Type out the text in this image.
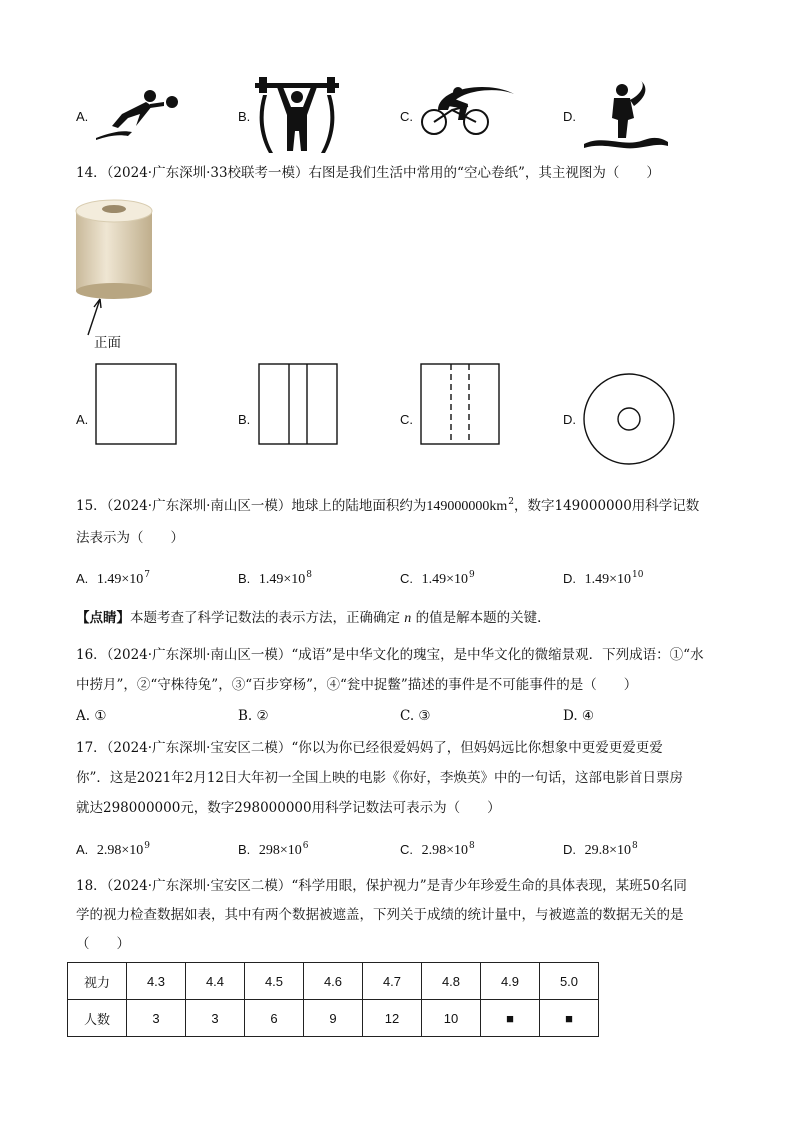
A.	B.	C.	D.
14．（2024·广东深圳·33校联考一模）右图是我们生活中常用的“空心卷纸”，其主视图为（　　）
正面
A.	B.	C.	D.
15．（2024·广东深圳·南山区一模）地球上的陆地面积约为$149000000km^2$，数字149000000用科学记数
法表示为（　　）
A. $1.49\times 10^7$	B. $1.49\times 10^8$	C. $1.49\times 10^9$	D. $1.49\times 10^{10}$
【点睛】本题考查了科学记数法的表示方法，正确确定 n 的值是解本题的关键．
16．（2024·广东深圳·南山区一模）“成语”是中华文化的瑰宝，是中华文化的微缩景观．下列成语：①“水
中捞月”，②“守株待兔”，③“百步穿杨”，④“瓮中捉鳖”描述的事件是不可能事件的是（　　）
A. ①	B. ②	C. ③	D. ④
17．（2024·广东深圳·宝安区二模）“你以为你已经很爱妈妈了，但妈妈远比你想象中更爱更爱更爱
你”．这是2021年2月12日大年初一全国上映的电影《你好，李焕英》中的一句话，这部电影首日票房
就达298000000元，数字298000000用科学记数法可表示为（　　）
A. $2.98\times 10^9$	B. $298\times 10^6$	C. $2.98\times 10^8$	D. $29.8\times 10^8$
18．（2024·广东深圳·宝安区二模）“科学用眼，保护视力”是青少年珍爱生命的具体表现，某班50名同
学的视力检查数据如表，其中有两个数据被遮盖，下列关于成绩的统计量中，与被遮盖的数据无关的是
（　　）
视力	4.3	4.4	4.5	4.6	4.7	4.8	4.9	5.0
人数	3	3	6	9	12	10	■	■
